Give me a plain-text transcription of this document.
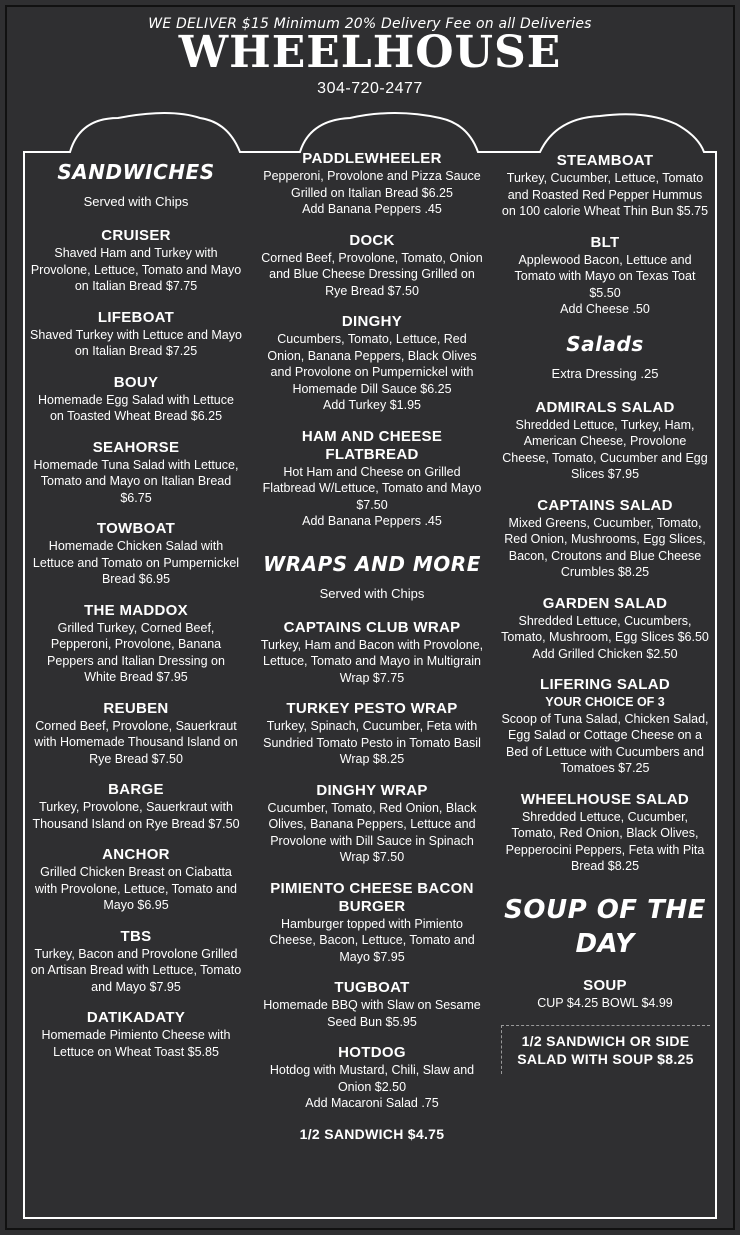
WE DELIVER $15 Minimum 20% Delivery Fee on all Deliveries
WHEELHOUSE
304-720-2477
SANDWICHES
Served with Chips
CRUISER
Shaved Ham and Turkey with Provolone, Lettuce, Tomato and Mayo on Italian Bread $7.75
LIFEBOAT
Shaved Turkey with Lettuce and Mayo on Italian Bread $7.25
BOUY
Homemade Egg Salad with Lettuce on Toasted Wheat Bread $6.25
SEAHORSE
Homemade Tuna Salad with Lettuce, Tomato and Mayo on Italian Bread $6.75
TOWBOAT
Homemade Chicken Salad with Lettuce and Tomato on Pumpernickel Bread $6.95
THE MADDOX
Grilled Turkey, Corned Beef, Pepperoni, Provolone, Banana Peppers and Italian Dressing on White Bread $7.95
REUBEN
Corned Beef, Provolone, Sauerkraut with Homemade Thousand Island on Rye Bread $7.50
BARGE
Turkey, Provolone, Sauerkraut with Thousand Island on Rye Bread $7.50
ANCHOR
Grilled Chicken Breast on Ciabatta with Provolone, Lettuce, Tomato and Mayo $6.95
TBS
Turkey, Bacon and Provolone Grilled on Artisan Bread with Lettuce, Tomato and Mayo $7.95
DATIKADATY
Homemade Pimiento Cheese with Lettuce on Wheat Toast $5.85
PADDLEWHEELER
Pepperoni, Provolone and Pizza Sauce Grilled on Italian Bread $6.25
Add Banana Peppers .45
DOCK
Corned Beef, Provolone, Tomato, Onion and Blue Cheese Dressing Grilled on Rye Bread $7.50
DINGHY
Cucumbers, Tomato, Lettuce, Red Onion, Banana Peppers, Black Olives and Provolone on Pumpernickel with Homemade Dill Sauce $6.25
Add Turkey $1.95
HAM AND CHEESE FLATBREAD
Hot Ham and Cheese on Grilled Flatbread W/Lettuce, Tomato and Mayo $7.50
Add Banana Peppers .45
WRAPS AND MORE
Served with Chips
CAPTAINS CLUB WRAP
Turkey, Ham and Bacon with Provolone, Lettuce, Tomato and Mayo in Multigrain Wrap $7.75
TURKEY PESTO WRAP
Turkey, Spinach, Cucumber, Feta with Sundried Tomato Pesto in Tomato Basil Wrap $8.25
DINGHY WRAP
Cucumber, Tomato, Red Onion, Black Olives, Banana Peppers, Lettuce and Provolone with Dill Sauce in Spinach Wrap $7.50
PIMIENTO CHEESE BACON BURGER
Hamburger topped with Pimiento Cheese, Bacon, Lettuce, Tomato and Mayo $7.95
TUGBOAT
Homemade BBQ with Slaw on Sesame Seed Bun $5.95
HOTDOG
Hotdog with Mustard, Chili, Slaw and Onion $2.50
Add Macaroni Salad .75
1/2 SANDWICH $4.75
STEAMBOAT
Turkey, Cucumber, Lettuce, Tomato and Roasted Red Pepper Hummus on 100 calorie Wheat Thin Bun $5.75
BLT
Applewood Bacon, Lettuce and Tomato with Mayo on Texas Toat $5.50
Add Cheese .50
Salads
Extra Dressing .25
ADMIRALS SALAD
Shredded Lettuce, Turkey, Ham, American Cheese, Provolone Cheese, Tomato, Cucumber and Egg Slices $7.95
CAPTAINS SALAD
Mixed Greens, Cucumber, Tomato, Red Onion, Mushrooms, Egg Slices, Bacon, Croutons and Blue Cheese Crumbles $8.25
GARDEN SALAD
Shredded Lettuce, Cucumbers, Tomato, Mushroom, Egg Slices $6.50
Add Grilled Chicken $2.50
LIFERING SALAD
YOUR CHOICE OF 3
Scoop of Tuna Salad, Chicken Salad, Egg Salad or Cottage Cheese on a Bed of Lettuce with Cucumbers and Tomatoes $7.25
WHEELHOUSE SALAD
Shredded Lettuce, Cucumber, Tomato, Red Onion, Black Olives, Pepperocini Peppers, Feta with Pita Bread $8.25
SOUP OF THE DAY
SOUP
CUP $4.25 BOWL $4.99
1/2 SANDWICH OR SIDE SALAD WITH SOUP $8.25
